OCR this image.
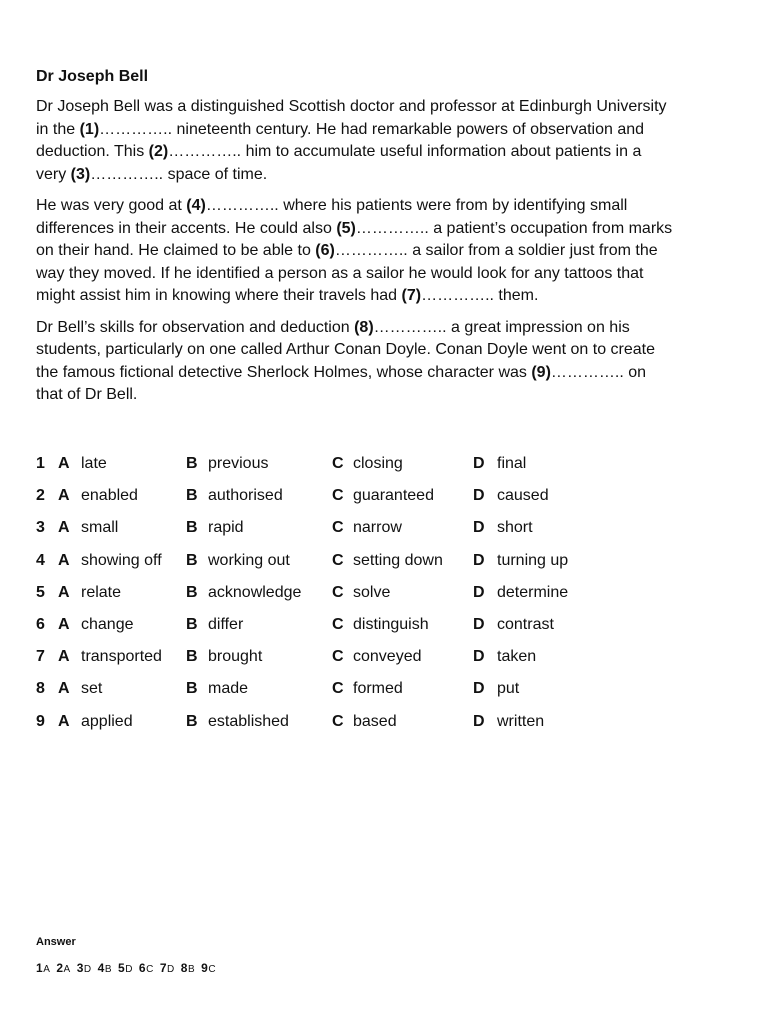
Dr Joseph Bell

Dr Joseph Bell was a distinguished Scottish doctor and professor at Edinburgh University in the (1)………….. nineteenth century. He had remarkable powers of observation and deduction. This (2)………….. him to accumulate useful information about patients in a very (3)………….. space of time.

He was very good at (4)………….. where his patients were from by identifying small differences in their accents. He could also (5)………….. a patient’s occupation from marks on their hand. He claimed to be able to (6)………….. a sailor from a soldier just from the way they moved. If he identified a person as a sailor he would look for any tattoos that might assist him in knowing where their travels had (7)………….. them.

Dr Bell’s skills for observation and deduction (8)………….. a great impression on his students, particularly on one called Arthur Conan Doyle. Conan Doyle went on to create the famous fictional detective Sherlock Holmes, whose character was (9)………….. on that of Dr Bell.

1 A late	B previous	C closing	D final
2 A enabled	B authorised	C guaranteed D caused
3 A small	B rapid	C narrow	D short
4 A showing off B working out	C setting down D turning up
5 A relate	B acknowledge C solve	D determine
6 A change	B differ	C distinguish	D contrast
7 A transported B brought	C conveyed	D taken
8 A set	B made	C formed	D put
9 A applied	B established	C based	D written
Answer
1A 2A 3D 4B 5D 6C 7D 8B 9C
